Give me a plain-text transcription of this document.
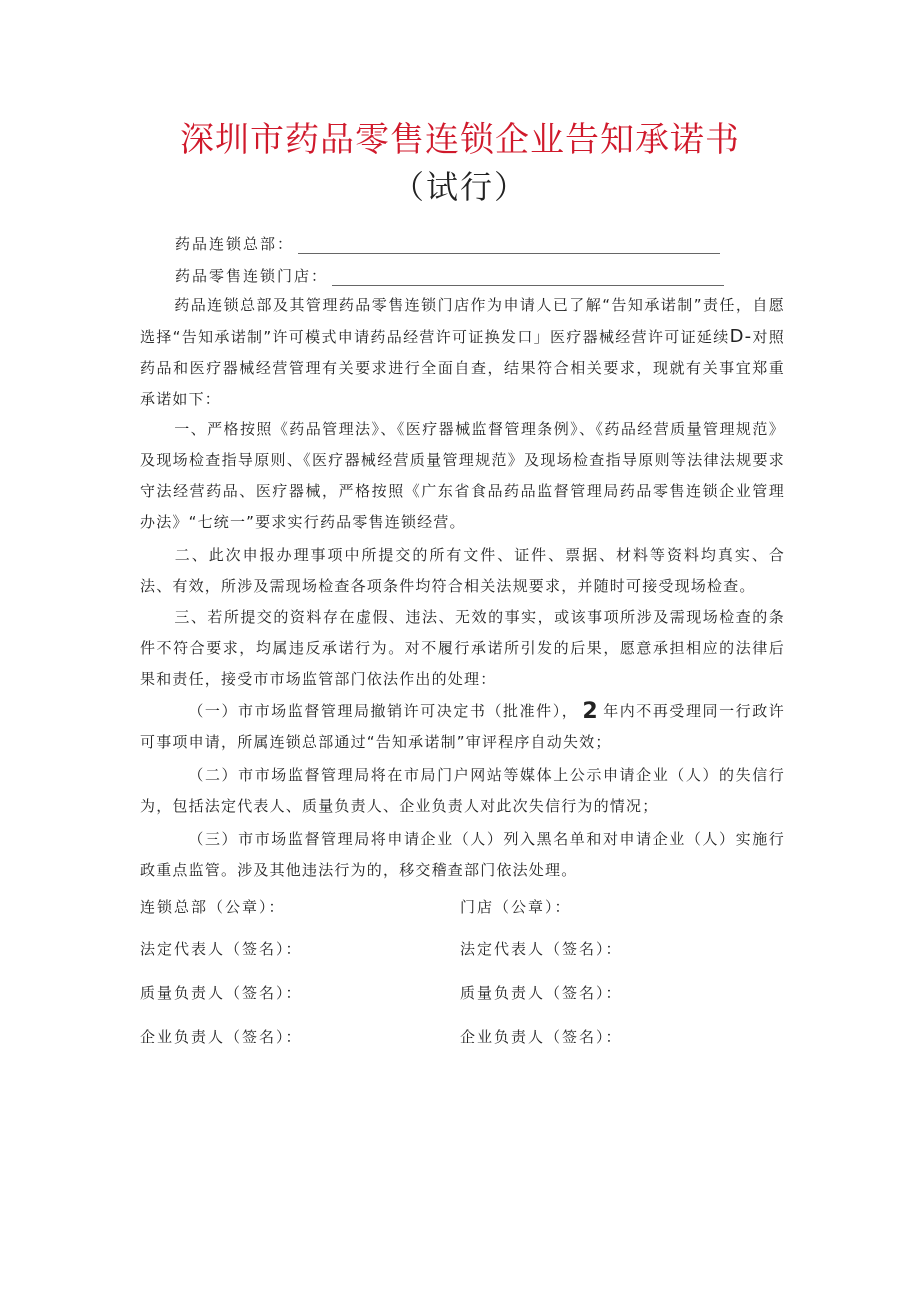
深圳市药品零售连锁企业告知承诺书
（试行）
药品连锁总部：
药品零售连锁门店：

药品连锁总部及其管理药品零售连锁门店作为申请人已了解“告知承诺制”责任，自愿选择“告知承诺制”许可模式申请药品经营许可证换发口」医疗器械经营许可证延续D-对照药品和医疗器械经营管理有关要求进行全面自查，结果符合相关要求，现就有关事宜郑重承诺如下：

一、严格按照《药品管理法》、《医疗器械监督管理条例》、《药品经营质量管理规范》及现场检查指导原则、《医疗器械经营质量管理规范》及现场检查指导原则等法律法规要求守法经营药品、医疗器械，严格按照《广东省食品药品监督管理局药品零售连锁企业管理办法》“七统一”要求实行药品零售连锁经营。

二、此次申报办理事项中所提交的所有文件、证件、票据、材料等资料均真实、合法、有效，所涉及需现场检查各项条件均符合相关法规要求，并随时可接受现场检查。

三、若所提交的资料存在虚假、违法、无效的事实，或该事项所涉及需现场检查的条件不符合要求，均属违反承诺行为。对不履行承诺所引发的后果，愿意承担相应的法律后果和责任，接受市市场监管部门依法作出的处理：

（一）市市场监督管理局撤销许可决定书（批准件）， 2 年内不再受理同一行政许可事项申请，所属连锁总部通过“告知承诺制”审评程序自动失效；

（二）市市场监督管理局将在市局门户网站等媒体上公示申请企业（人）的失信行为，包括法定代表人、质量负责人、企业负责人对此次失信行为的情况；

（三）市市场监督管理局将申请企业（人）列入黑名单和对申请企业（人）实施行政重点监管。涉及其他违法行为的，移交稽查部门依法处理。

连锁总部（公章）：	门店（公章）：
法定代表人（签名）：	法定代表人（签名）：
质量负责人（签名）：	质量负责人（签名）：
企业负责人（签名）：	企业负责人（签名）：
